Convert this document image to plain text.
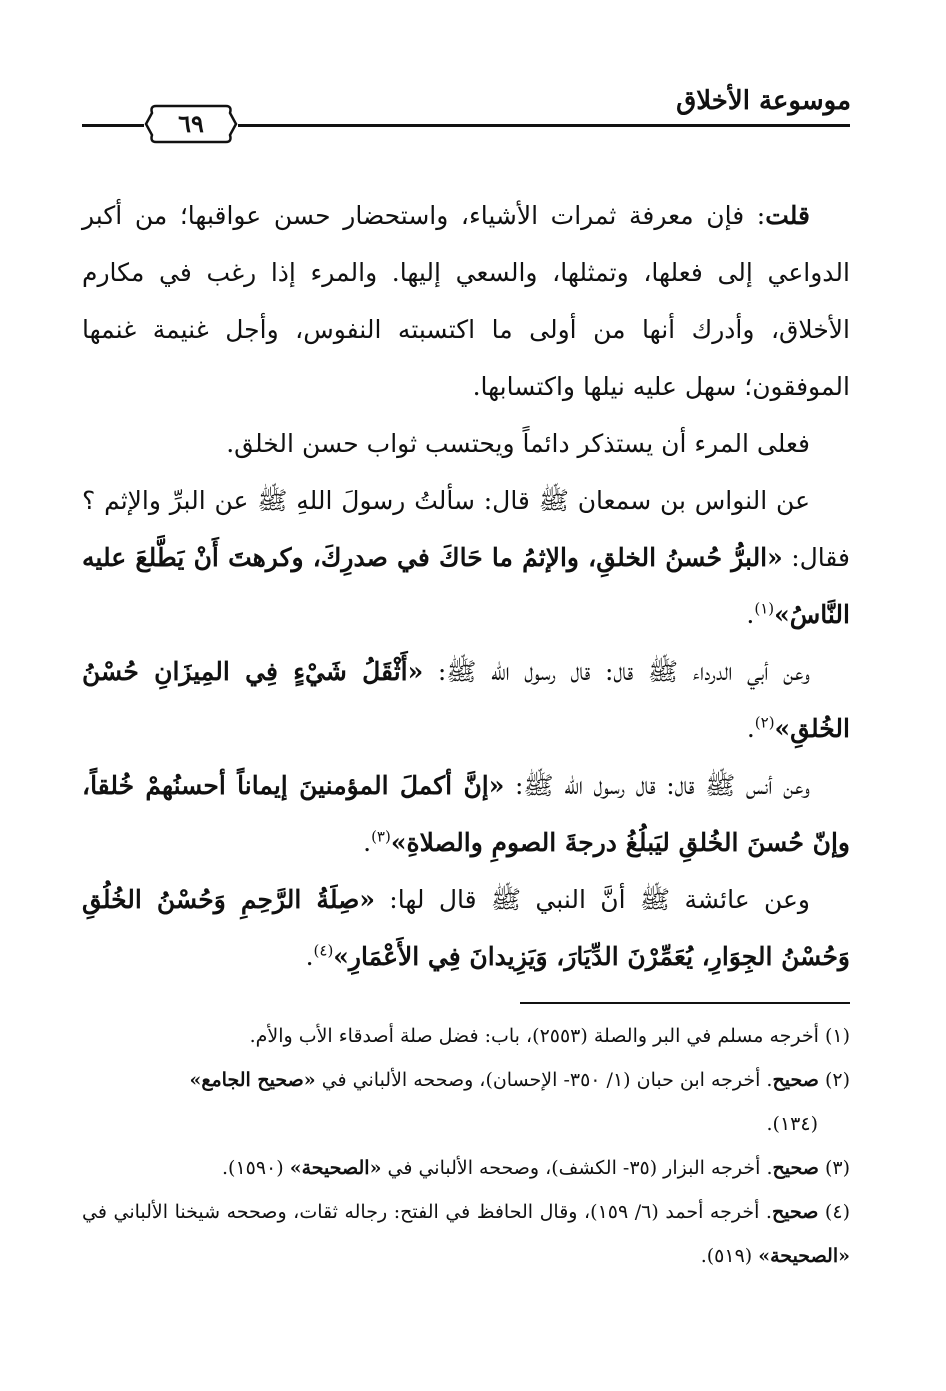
موسوعة الأخلاق
٦٩

قلت: فإن معرفة ثمرات الأشياء، واستحضار حسن عواقبها؛ من أكبر الدواعي إلى فعلها، وتمثلها، والسعي إليها. والمرء إذا رغب في مكارم الأخلاق، وأدرك أنها من أولى ما اكتسبته النفوس، وأجل غنيمة غنمها الموفقون؛ سهل عليه نيلها واكتسابها.

فعلى المرء أن يستذكر دائماً ويحتسب ثواب حسن الخلق.

عن النواس بن سمعان ﷺ قال: سألتُ رسولَ اللهِ ﷺ عن البرِّ والإثم ؟ فقال: «البرُّ حُسنُ الخلقِ، والإثمُ ما حَاكَ في صدرِكَ، وكرهتَ أَنْ يَطَّلعَ عليه النَّاسُ»$^{(١)}$.

وعن أبي الدرداء ﷺ قال: قال رسول اللّه ﷺ: «أَثْقَلُ شَيْءٍ فِي المِيزَانِ حُسْنُ الخُلقِ»$^{(٢)}$.

وعن أنس ﷺ قال: قال رسول اللّه ﷺ: «إنَّ أكملَ المؤمنينَ إيماناً أحسنُهمْ خُلقاً، وإنّ حُسنَ الخُلقِ ليَبلُغُ درجةَ الصومِ والصلاةِ»$^{(٣)}$.

وعن عائشة ﷺ أنَّ النبي ﷺ قال لها: «صِلَةُ الرَّحِمِ وَحُسْنُ الخُلُقِ وَحُسْنُ الجِوَارِ، يُعَمِّرْنَ الدِّيَارَ، وَيَزِيدانَ فِي الأَعْمَارِ»$^{(٤)}$.

(١) أخرجه مسلم في البر والصلة (٢٥٥٣)، باب: فضل صلة أصدقاء الأب والأم.

(٢) صحيح. أخرجه ابن حبان (١/ ٣٥٠- الإحسان)، وصححه الألباني في «صحيح الجامع»

(١٣٤).

(٣) صحيح. أخرجه البزار (٣٥- الكشف)، وصححه الألباني في «الصحيحة» (١٥٩٠).

(٤) صحيح. أخرجه أحمد (٦/ ١٥٩)، وقال الحافظ في الفتح: رجاله ثقات، وصححه شيخنا الألباني في «الصحيحة» (٥١٩).
